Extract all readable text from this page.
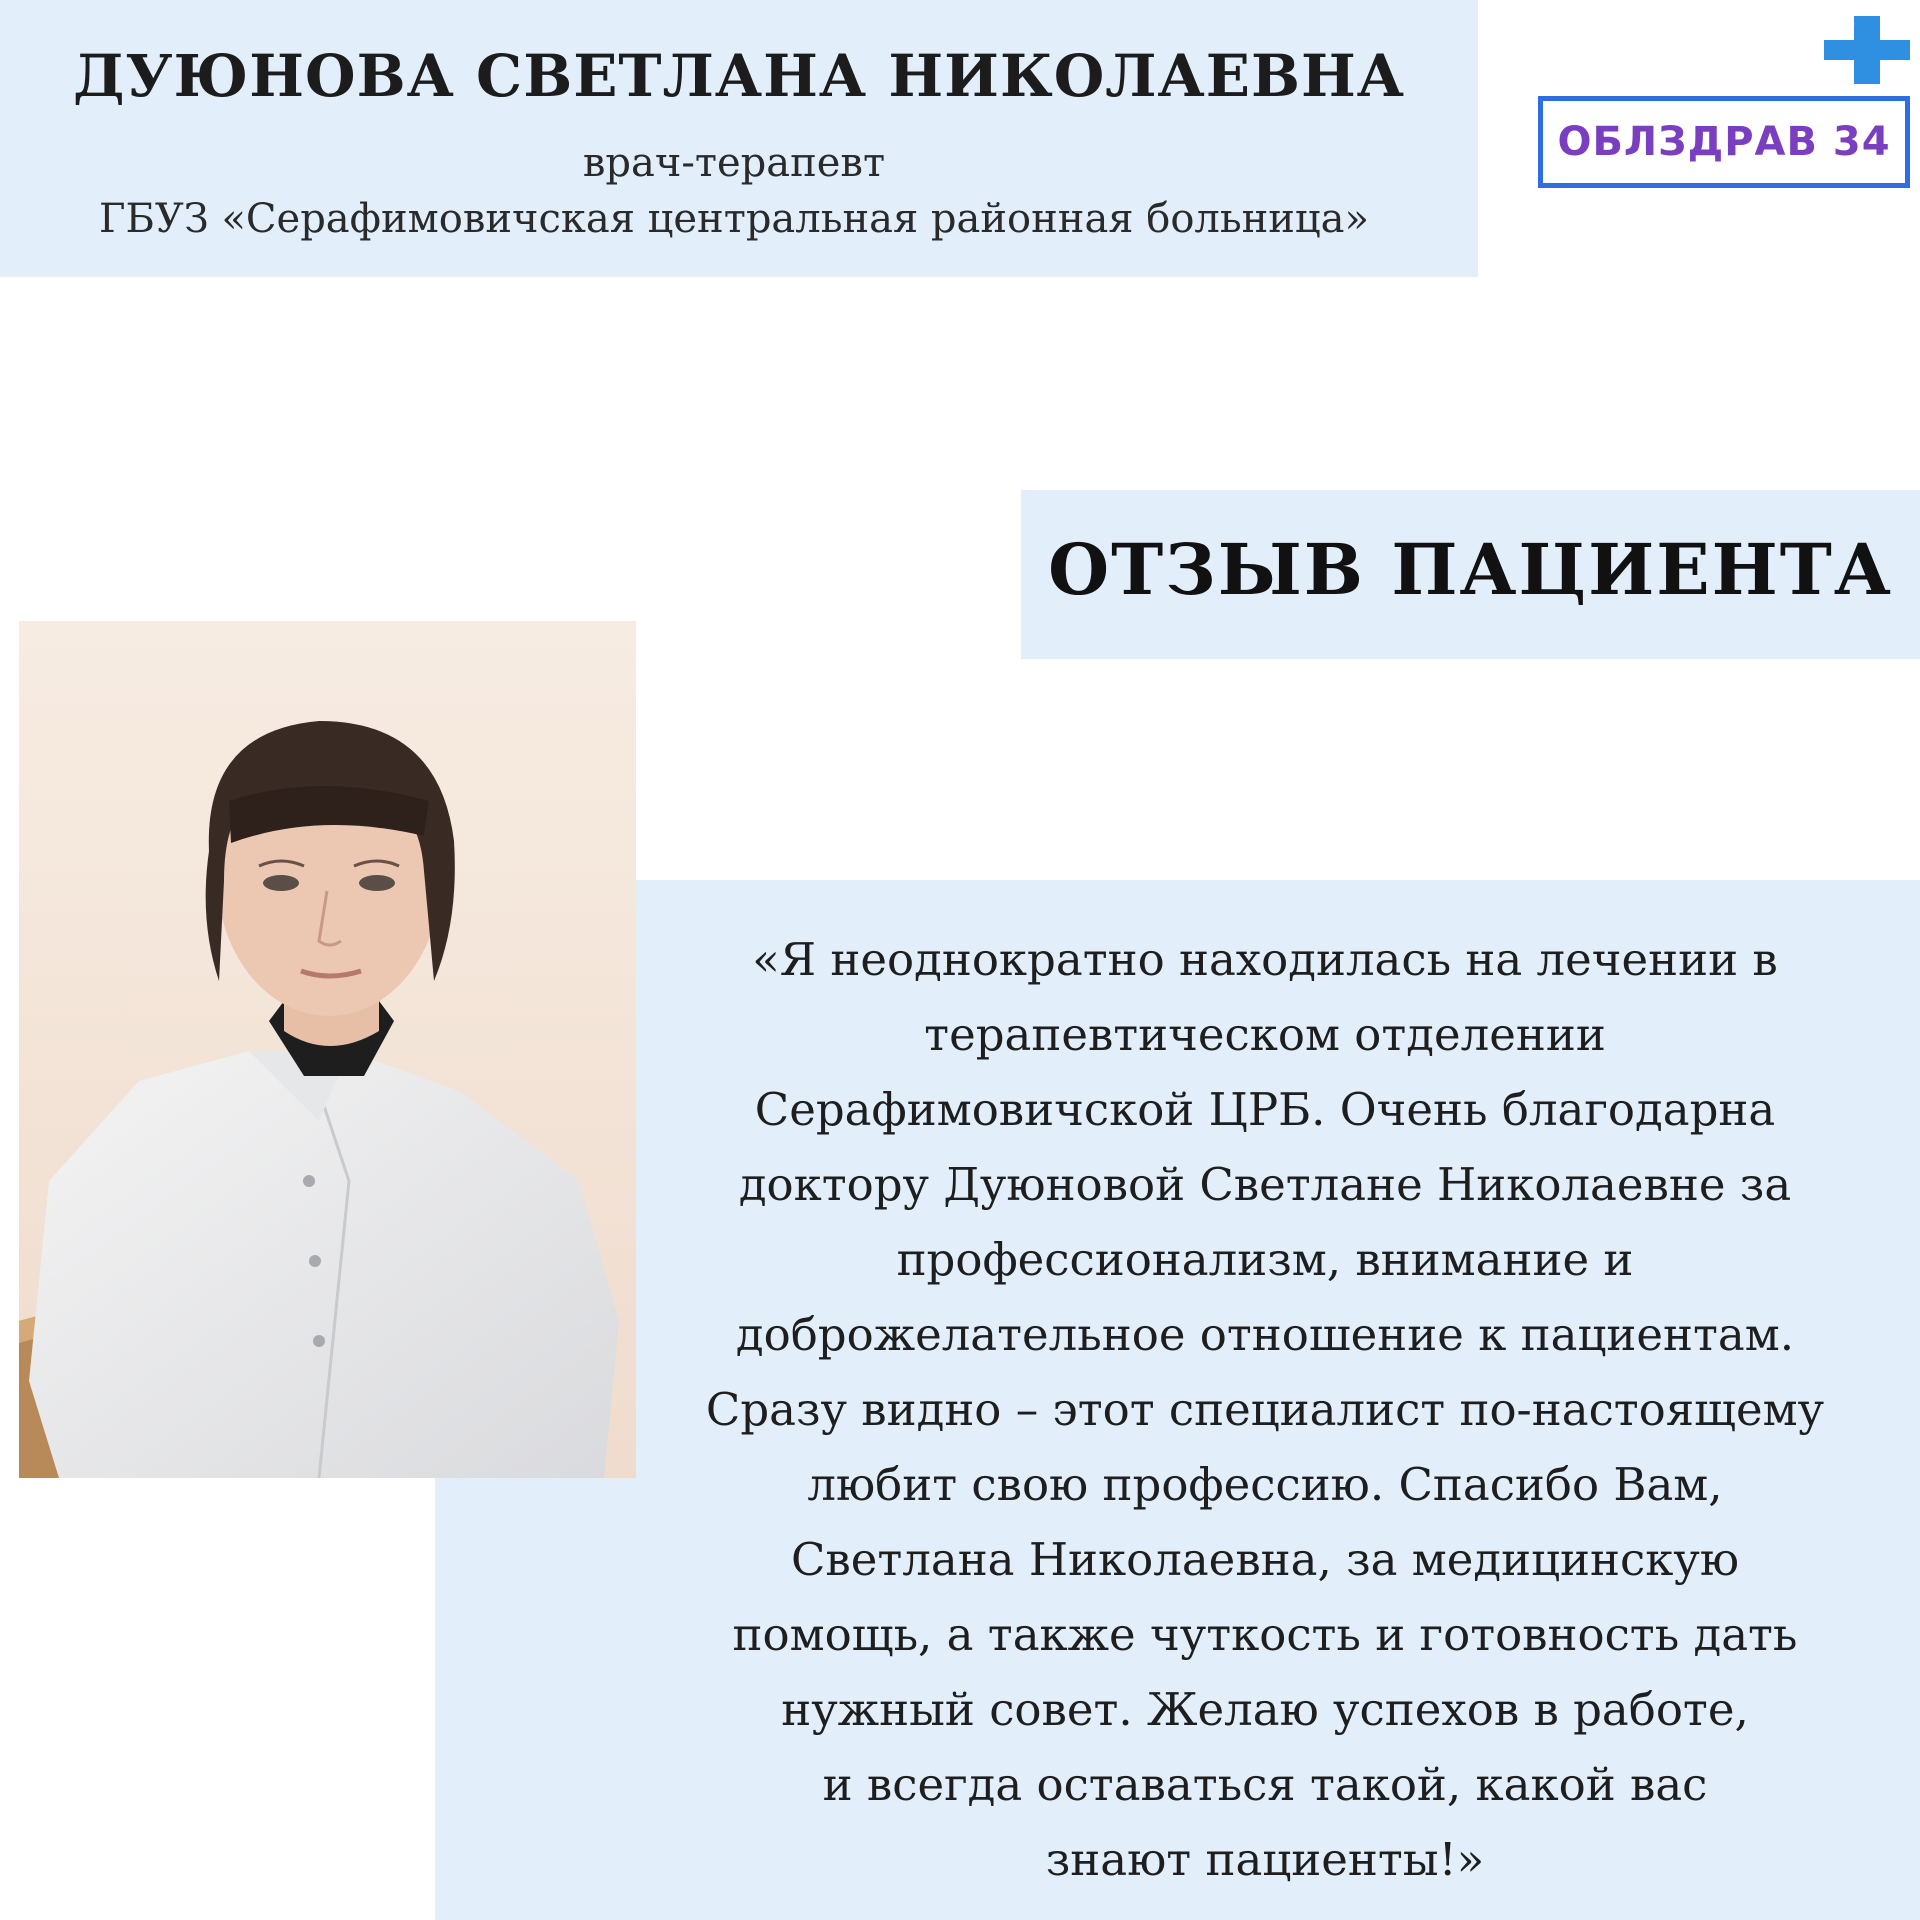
ДУЮНОВА СВЕТЛАНА НИКОЛАЕВНА
врач-терапевт
ГБУЗ «Серафимовичская центральная районная больница»
ОБЛЗДРАВ 34
ОТЗЫВ ПАЦИЕНТА
«Я неоднократно находилась на лечении в
терапевтическом отделении
Серафимовичской ЦРБ. Очень благодарна
доктору Дуюновой Светлане Николаевне за
профессионализм, внимание и
доброжелательное отношение к пациентам.
Сразу видно – этот специалист по-настоящему
любит свою профессию. Спасибо Вам,
Светлана Николаевна, за медицинскую
помощь, а также чуткость и готовность дать
нужный совет. Желаю успехов в работе,
и всегда оставаться такой, какой вас
знают пациенты!»
